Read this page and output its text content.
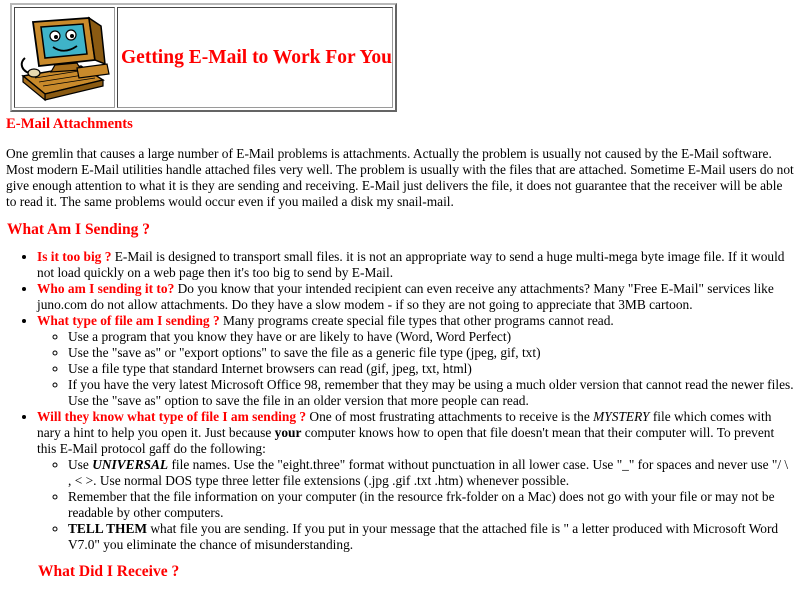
	Getting E-Mail to Work For You
E-Mail Attachments

One gremlin that causes a large number of E-Mail problems is attachments. Actually the problem is usually not caused by the E-Mail software. Most modern E-Mail utilities handle attached files very well. The problem is usually with the files that are attached. Sometime E-Mail users do not give enough attention to what it is they are sending and receiving. E-Mail just delivers the file, it does not guarantee that the receiver will be able to read it. The same problems would occur even if you mailed a disk my snail-mail.

What Am I Sending ?
• Is it too big ? E-Mail is designed to transport small files. it is not an appropriate way to send a huge multi-mega byte image file. If it would not load quickly on a web page then it's too big to send by E-Mail.
• Who am I sending it to? Do you know that your intended recipient can even receive any attachments? Many "Free E-Mail" services like juno.com do not allow attachments. Do they have a slow modem - if so they are not going to appreciate that 3MB cartoon.
• What type of file am I sending ? Many programs create special file types that other programs cannot read.
◦ Use a program that you know they have or are likely to have (Word, Word Perfect)
◦ Use the "save as" or "export options" to save the file as a generic file type (jpeg, gif, txt)
◦ Use a file type that standard Internet browsers can read (gif, jpeg, txt, html)
◦ If you have the very latest Microsoft Office 98, remember that they may be using a much older version that cannot read the newer files. Use the "save as" option to save the file in an older version that more people can read.
• Will they know what type of file I am sending ? One of most frustrating attachments to receive is the MYSTERY file which comes with nary a hint to help you open it. Just because your computer knows how to open that file doesn't mean that their computer will. To prevent this E-Mail protocol gaff do the following:
◦ Use UNIVERSAL file names. Use the "eight.three" format without punctuation in all lower case. Use "_" for spaces and never use "/ \ , < >. Use normal DOS type three letter file extensions (.jpg .gif .txt .htm) whenever possible.
◦ Remember that the file information on your computer (in the resource frk-folder on a Mac) does not go with your file or may not be readable by other computers.
◦ TELL THEM what file you are sending. If you put in your message that the attached file is " a letter produced with Microsoft Word V7.0" you eliminate the chance of misunderstanding.
What Did I Receive ?
